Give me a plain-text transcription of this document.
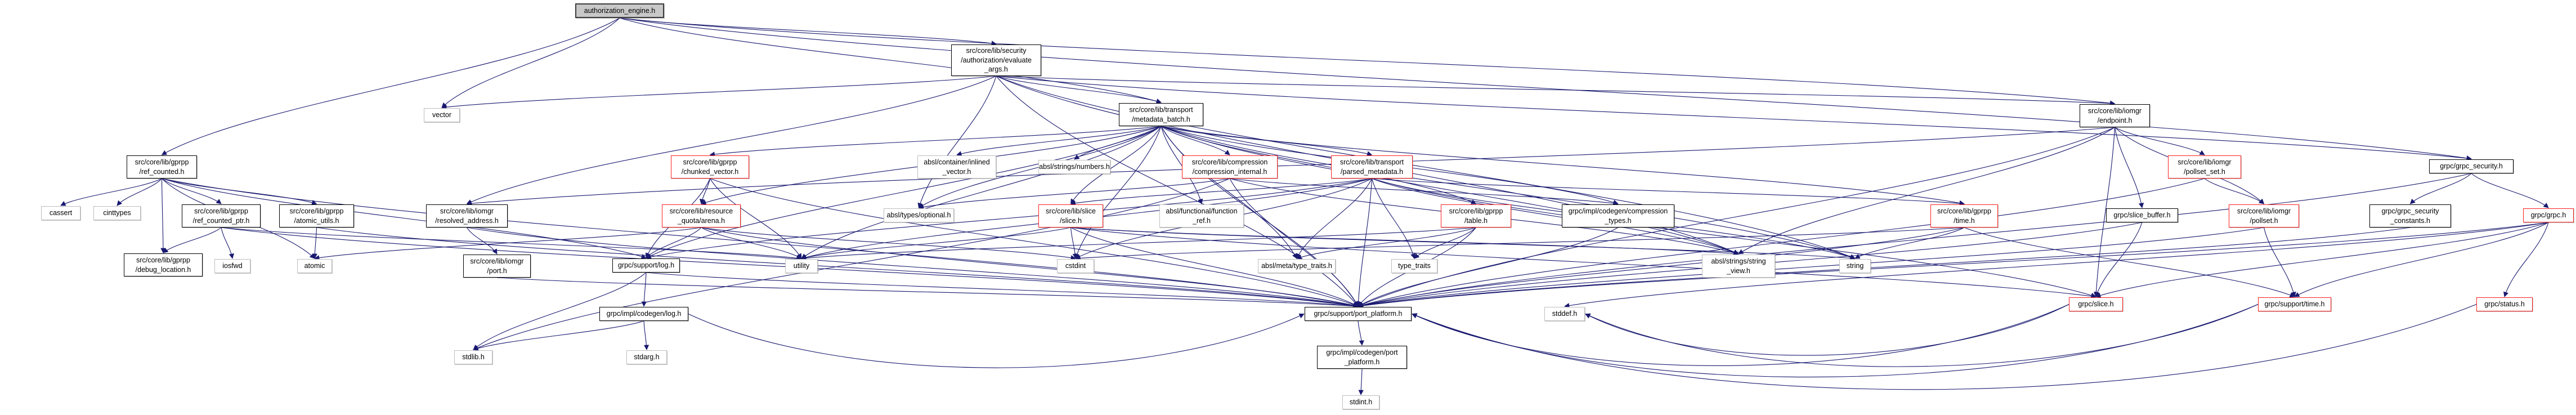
authorization_engine.h
src/core/lib/security
/authorization/evaluate
_args.h
vector
src/core/lib/transport
/metadata_batch.h
src/core/lib/iomgr
/endpoint.h
grpc/grpc_security.h
src/core/lib/gprpp
/ref_counted.h
src/core/lib/gprpp
/chunked_vector.h
absl/container/inlined
_vector.h
absl/strings/numbers.h
src/core/lib/compression
/compression_internal.h
src/core/lib/transport
/parsed_metadata.h
src/core/lib/iomgr
/pollset_set.h
cassert	cinttypes	src/core/lib/gprpp
/ref_counted_ptr.h
src/core/lib/gprpp
/atomic_utils.h
src/core/lib/iomgr
/resolved_address.h
src/core/lib/resource
_quota/arena.h
absl/types/optional.h
src/core/lib/slice
/slice.h
absl/functional/function
_ref.h
src/core/lib/gprpp
/table.h
grpc/impl/codegen/compression
_types.h
src/core/lib/gprpp
/time.h
grpc/slice_buffer.h
src/core/lib/iomgr
/pollset.h
grpc/grpc_security
_constants.h
grpc/grpc.h
src/core/lib/gprpp
/debug_location.h	iosfwd	atomic
src/core/lib/iomgr
/port.h
grpc/support/log.h	utility	cstdint	absl/meta/type_traits.h	type_traits
absl/strings/string
_view.h
string
grpc/slice.h	grpc/support/time.h	grpc/status.h
grpc/impl/codegen/log.h	grpc/support/port_platform.h	stddef.h
stdlib.h	stdarg.h
grpc/impl/codegen/port
_platform.h
stdint.h
